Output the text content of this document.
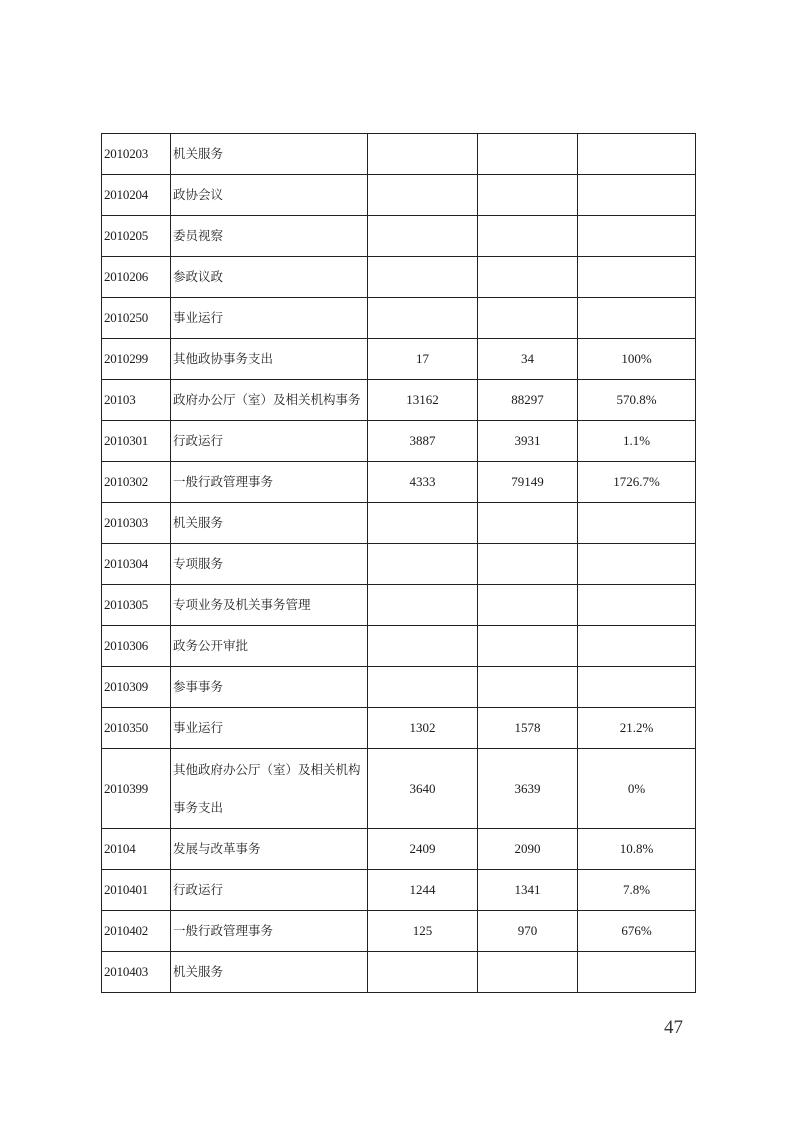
2010203	机关服务			

2010204	政协会议			

2010205	委员视察			

2010206	参政议政			

2010250	事业运行			

2010299	其他政协事务支出	17	34	100%
20103	政府办公厅（室）及相关机构事务	13162	88297	570.8%
2010301	行政运行	3887	3931	1.1%
2010302	一般行政管理事务	4333	79149	1726.7%
2010303	机关服务			

2010304	专项服务			

2010305	专项业务及机关事务管理			

2010306	政务公开审批			

2010309	参事事务			

2010350	事业运行	1302	1578	21.2%
2010399	其他政府办公厅（室）及相关机构
事务支出	3640	3639	0%
20104	发展与改革事务	2409	2090	10.8%
2010401	行政运行	1244	1341	7.8%
2010402	一般行政管理事务	125	970	676%
2010403	机关服务			

47
